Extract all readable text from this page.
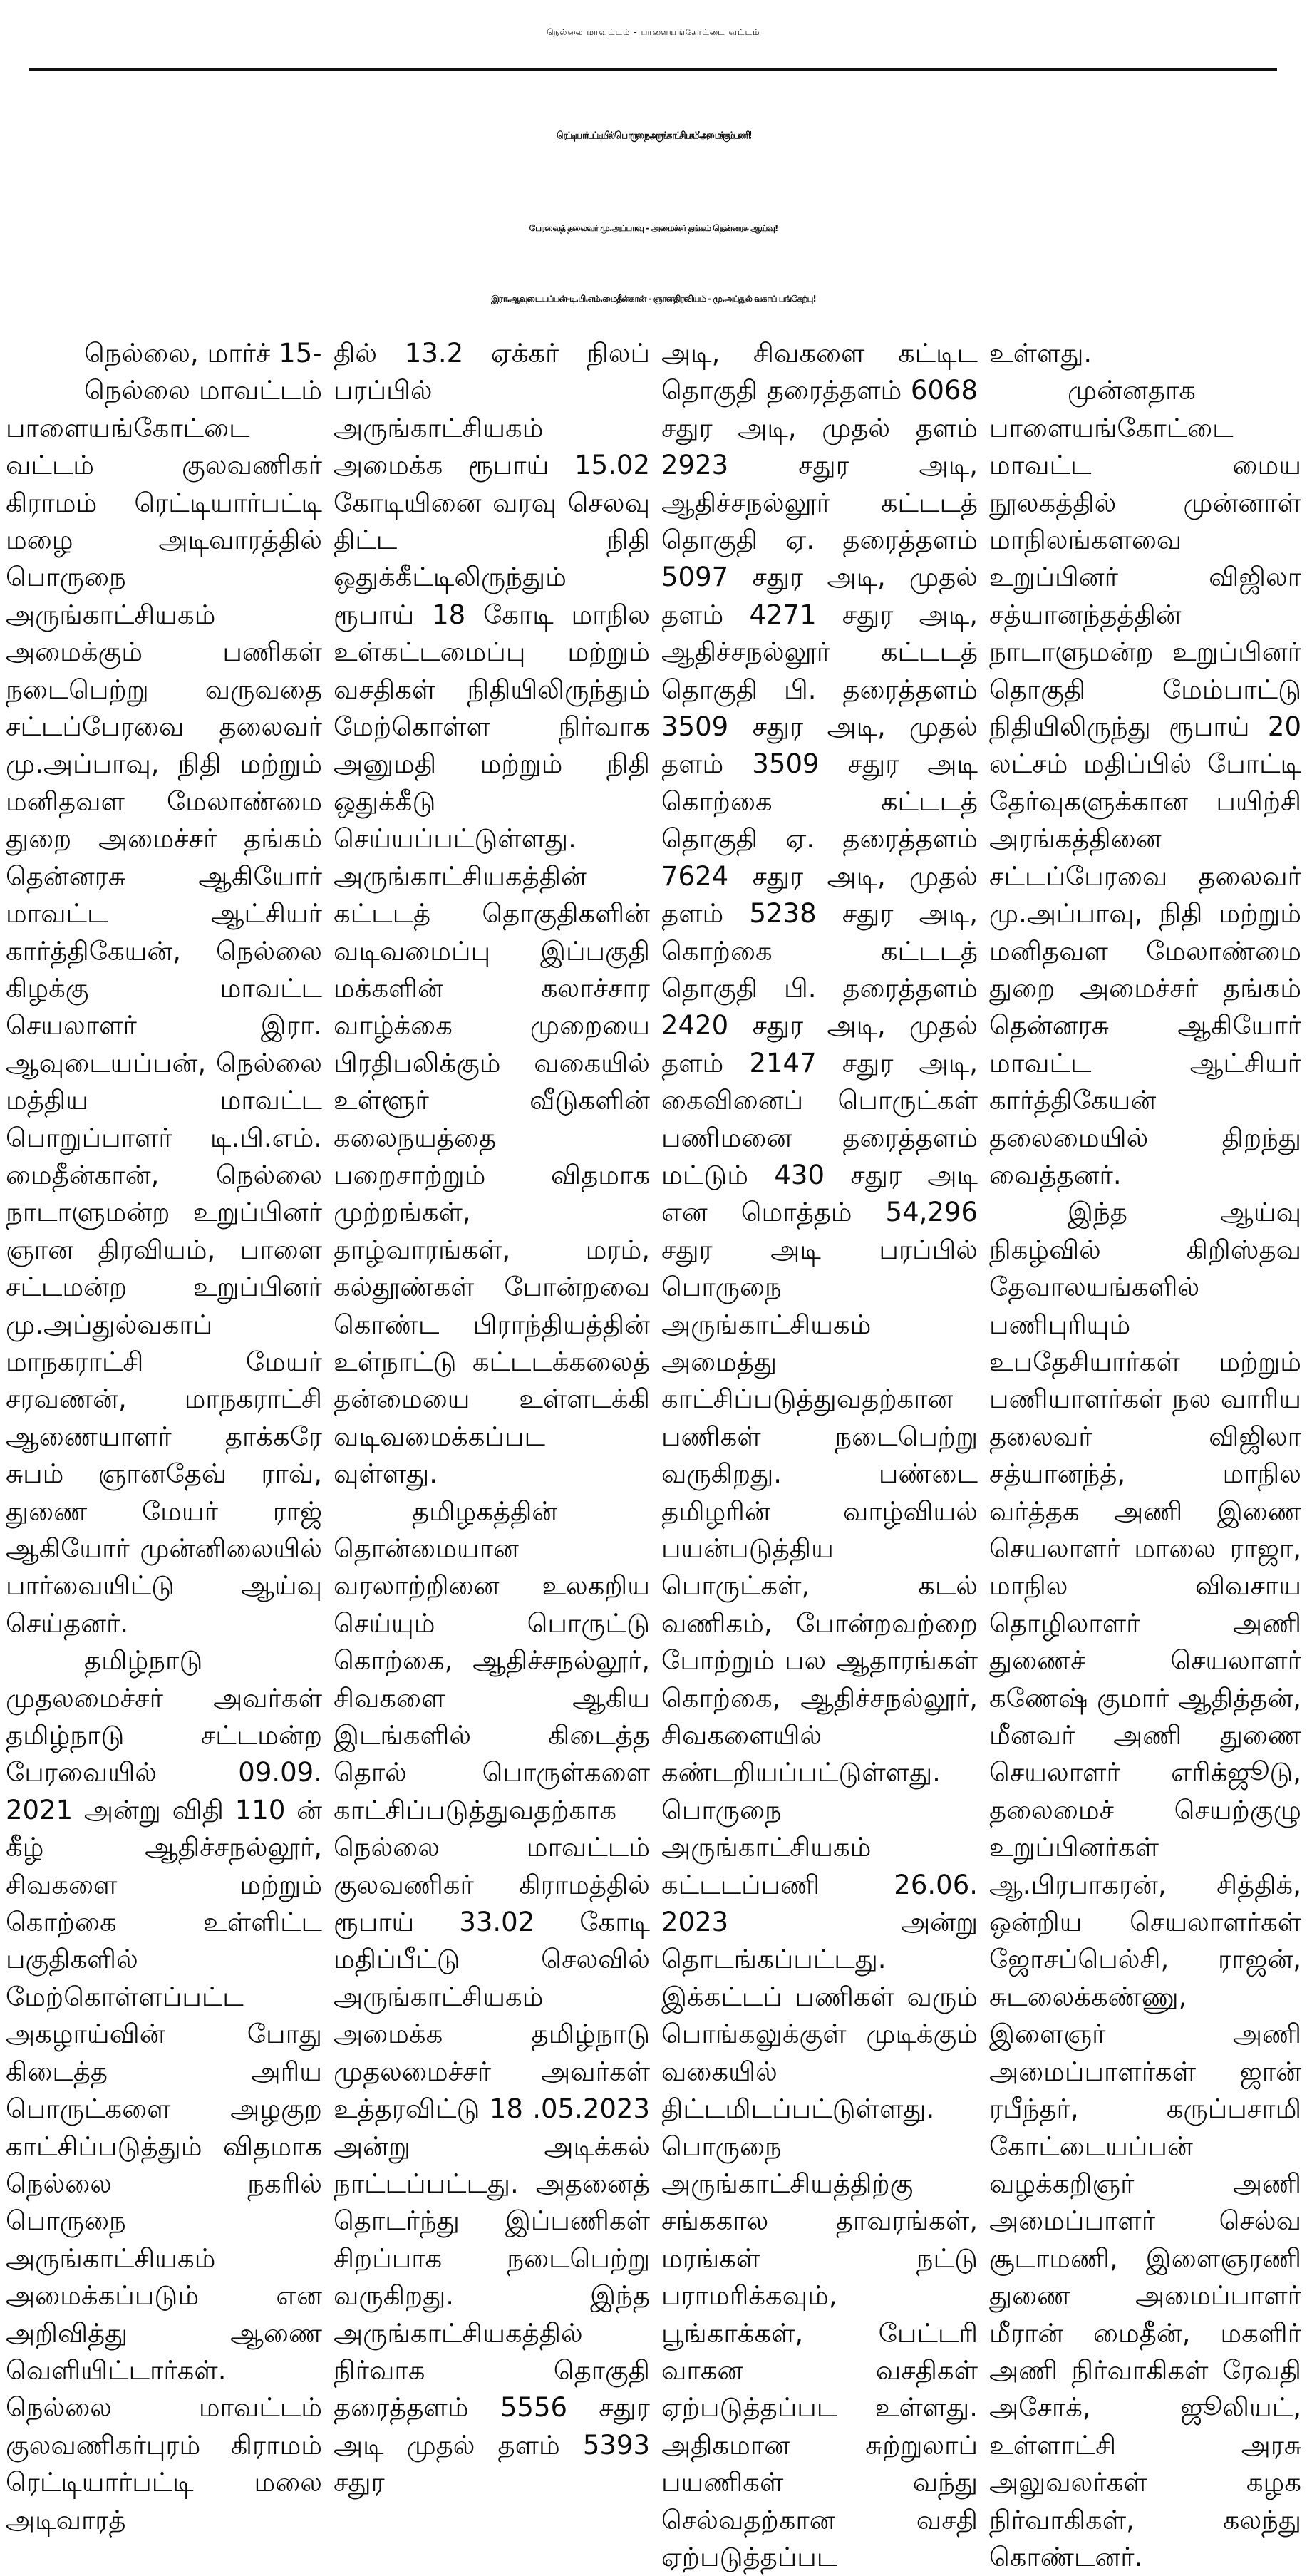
நெல்லை மாவட்டம் - பாளையங்கோட்டை வட்டம்
ரெட்டியார் பட்டியில் ‘பொருநை அருங்காட்சியகம்’ அமைக்கும் பணி!
பேரவைத் தலைவர் மு.அப்பாவு - அமைச்சர் தங்கம் தென்னரசு ஆய்வு!
இரா.ஆவுடையப்பன்-டி.பி.எம்.மைதீன்கான் - ஞானதிரவியம் - மு.அப்துல் வகாப் பங்கேற்பு!

நெல்லை, மார்ச் 15-

நெல்லை மாவட்டம் பாளையங்கோட்டை வட்டம் குலவணிகர் கிராமம் ரெட்டியார்பட்டி மழை அடிவாரத்தில் பொருநை அருங்காட்சியகம் அமைக்கும் பணிகள் நடைபெற்று வருவதை சட்டப்பேரவை தலைவர் மு.அப்பாவு, நிதி மற்றும் மனிதவள மேலாண்மை துறை அமைச்சர் தங்கம் தென்னரசு ஆகியோர் மாவட்ட ஆட்சியர் கார்த்திகேயன், நெல்லை கிழக்கு மாவட்ட செயலாளர் இரா. ஆவுடையப்பன், நெல்லை மத்திய மாவட்ட பொறுப்பாளர் டி.பி.எம். மைதீன்கான், நெல்லை நாடாளுமன்ற உறுப்பினர் ஞான திரவியம், பாளை சட்டமன்ற உறுப்பினர் மு.அப்துல்வகாப் மாநகராட்சி மேயர் சரவணன், மாநகராட்சி ஆணையாளர் தாக்கரே சுபம் ஞானதேவ் ராவ், துணை மேயர் ராஜ் ஆகியோர் முன்னிலையில் பார்வையிட்டு ஆய்வு செய்தனர்.

தமிழ்நாடு முதலமைச்சர் அவர்கள் தமிழ்நாடு சட்டமன்ற பேரவையில் 09.09. 2021 அன்று விதி 110 ன் கீழ் ஆதிச்சநல்லூர், சிவகளை மற்றும் கொற்கை உள்ளிட்ட பகுதிகளில் மேற்கொள்ளப்பட்ட அகழாய்வின் போது கிடைத்த அரிய பொருட்களை அழகுற காட்சிப்படுத்தும் விதமாக நெல்லை நகரில் பொருநை அருங்காட்சியகம் அமைக்கப்படும் என அறிவித்து ஆணை வெளியிட்டார்கள். நெல்லை மாவட்டம் குலவணிகர்புரம் கிராமம் ரெட்டியார்பட்டி மலை அடிவாரத்

தில் 13.2 ஏக்கர் நிலப் பரப்பில் அருங்காட்சியகம் அமைக்க ரூபாய் 15.02 கோடியினை வரவு செலவு திட்ட நிதி ஒதுக்கீட்டிலிருந்தும் ரூபாய் 18 கோடி மாநில உள்கட்டமைப்பு மற்றும் வசதிகள் நிதியிலிருந்தும் மேற்கொள்ள நிர்வாக அனுமதி மற்றும் நிதி ஒதுக்கீடு செய்யப்பட்டுள்ளது. அருங்காட்சியகத்தின் கட்டடத் தொகுதிகளின் வடிவமைப்பு இப்பகுதி மக்களின் கலாச்சார வாழ்க்கை முறையை பிரதிபலிக்கும் வகையில் உள்ளூர் வீடுகளின் கலைநயத்தை பறைசாற்றும் விதமாக முற்றங்கள், தாழ்வாரங்கள், மரம், கல்தூண்கள் போன்றவை கொண்ட பிராந்தியத்தின் உள்நாட்டு கட்டடக்கலைத் தன்மையை உள்ளடக்கி வடிவமைக்கப்பட வுள்ளது.

தமிழகத்தின் தொன்மையான வரலாற்றினை உலகறிய செய்யும் பொருட்டு கொற்கை, ஆதிச்சநல்லூர், சிவகளை ஆகிய இடங்களில் கிடைத்த தொல் பொருள்களை காட்சிப்படுத்துவதற்காக நெல்லை மாவட்டம் குலவணிகர் கிராமத்தில் ரூபாய் 33.02 கோடி மதிப்பீட்டு செலவில் அருங்காட்சியகம் அமைக்க தமிழ்நாடு முதலமைச்சர் அவர்கள் உத்தரவிட்டு 18 .05.2023 அன்று அடிக்கல் நாட்டப்பட்டது. அதனைத் தொடர்ந்து இப்பணிகள் சிறப்பாக நடைபெற்று வருகிறது. இந்த அருங்காட்சியகத்தில் நிர்வாக தொகுதி தரைத்தளம் 5556 சதுர அடி முதல் தளம் 5393 சதுர

அடி, சிவகளை கட்டிட தொகுதி தரைத்தளம் 6068 சதுர அடி, முதல் தளம் 2923 சதுர அடி, ஆதிச்சநல்லூர் கட்டடத் தொகுதி ஏ. தரைத்தளம் 5097 சதுர அடி, முதல் தளம் 4271 சதுர அடி, ஆதிச்சநல்லூர் கட்டடத் தொகுதி பி. தரைத்தளம் 3509 சதுர அடி, முதல் தளம் 3509 சதுர அடி கொற்கை கட்டடத் தொகுதி ஏ. தரைத்தளம் 7624 சதுர அடி, முதல் தளம் 5238 சதுர அடி, கொற்கை கட்டடத் தொகுதி பி. தரைத்தளம் 2420 சதுர அடி, முதல் தளம் 2147 சதுர அடி, கைவினைப் பொருட்கள் பணிமனை தரைத்தளம் மட்டும் 430 சதுர அடி என மொத்தம் 54,296 சதுர அடி பரப்பில் பொருநை அருங்காட்சியகம் அமைத்து காட்சிப்படுத்துவதற்கான பணிகள் நடைபெற்று வருகிறது. பண்டை தமிழரின் வாழ்வியல் பயன்படுத்திய பொருட்கள், கடல் வணிகம், போன்றவற்றை போற்றும் பல ஆதாரங்கள் கொற்கை, ஆதிச்சநல்லூர், சிவகளையில் கண்டறியப்பட்டுள்ளது. பொருநை அருங்காட்சியகம் கட்டடப்பணி 26.06. 2023 அன்று தொடங்கப்பட்டது. இக்கட்டப் பணிகள் வரும் பொங்கலுக்குள் முடிக்கும் வகையில் திட்டமிடப்பட்டுள்ளது. பொருநை அருங்காட்சியத்திற்கு சங்ககால தாவரங்கள், மரங்கள் நட்டு பராமரிக்கவும், பூங்காக்கள், பேட்டரி வாகன வசதிகள் ஏற்படுத்தப்பட உள்ளது. அதிகமான சுற்றுலாப் பயணிகள் வந்து செல்வதற்கான வசதி ஏற்படுத்தப்பட

உள்ளது.

முன்னதாக பாளையங்கோட்டை மாவட்ட மைய நூலகத்தில் முன்னாள் மாநிலங்களவை உறுப்பினர் விஜிலா சத்யானந்தத்தின் நாடாளுமன்ற உறுப்பினர் தொகுதி மேம்பாட்டு நிதியிலிருந்து ரூபாய் 20 லட்சம் மதிப்பில் போட்டி தேர்வுகளுக்கான பயிற்சி அரங்கத்தினை சட்டப்பேரவை தலைவர் மு.அப்பாவு, நிதி மற்றும் மனிதவள மேலாண்மை துறை அமைச்சர் தங்கம் தென்னரசு ஆகியோர் மாவட்ட ஆட்சியர் கார்த்திகேயன் தலைமையில் திறந்து வைத்தனர்.

இந்த ஆய்வு நிகழ்வில் கிறிஸ்தவ தேவாலயங்களில் பணிபுரியும் உபதேசியார்கள் மற்றும் பணியாளர்கள் நல வாரிய தலைவர் விஜிலா சத்யானந்த், மாநில வர்த்தக அணி இணை செயலாளர் மாலை ராஜா, மாநில விவசாய தொழிலாளர் அணி துணைச் செயலாளர் கணேஷ் குமார் ஆதித்தன், மீனவர் அணி துணை செயலாளர் எரிக்ஜூடு, தலைமைச் செயற்குழு உறுப்பினர்கள் ஆ.பிரபாகரன், சித்திக், ஒன்றிய செயலாளர்கள் ஜோசப்பெல்சி, ராஜன், சுடலைக்கண்ணு, இளைஞர் அணி அமைப்பாளர்கள் ஜான் ரபீந்தர், கருப்பசாமி கோட்டையப்பன் வழக்கறிஞர் அணி அமைப்பாளர் செல்வ சூடாமணி, இளைஞரணி துணை அமைப்பாளர் மீரான் மைதீன், மகளிர் அணி நிர்வாகிகள் ரேவதி அசோக், ஜூலியட், உள்ளாட்சி அரசு அலுவலர்கள் கழக நிர்வாகிகள், கலந்து கொண்டனர்.
